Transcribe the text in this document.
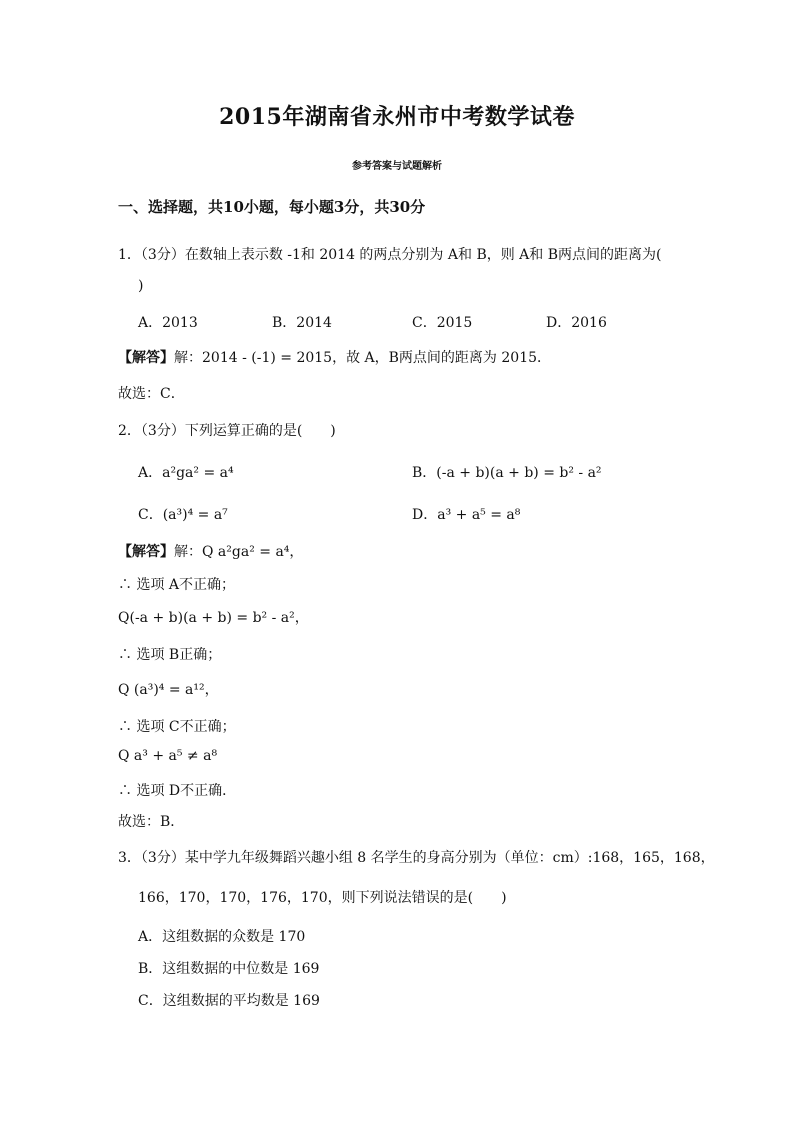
2015年湖南省永州市中考数学试卷
参考答案与试题解析
一、选择题，共10小题，每小题3分，共30分
1．（3分）在数轴上表示数 -1和 2014 的两点分别为 A和 B，则 A和 B两点间的距离为(
)
A．2013	B．2014	C．2015	D．2016
【解答】解：2014 - (-1) = 2015，故 A，B两点间的距离为 2015．
故选：C．
2．（3分）下列运算正确的是(　　)
A．a²ga² = a⁴	B．(-a + b)(a + b) = b² - a²
C．(a³)⁴ = a⁷	D．a³ + a⁵ = a⁸
【解答】解：Q a²ga² = a⁴，
∴ 选项 A不正确；
Q(-a + b)(a + b) = b² - a²，
∴ 选项 B正确；
Q (a³)⁴ = a¹²，
∴ 选项 C不正确；
Q a³ + a⁵ ≠ a⁸
∴ 选项 D不正确．
故选：B．
3．（3分）某中学九年级舞蹈兴趣小组 8 名学生的身高分别为（单位：cm）:168，165，168，
166，170，170，176，170，则下列说法错误的是(　　)
A．这组数据的众数是 170
B．这组数据的中位数是 169
C．这组数据的平均数是 169
